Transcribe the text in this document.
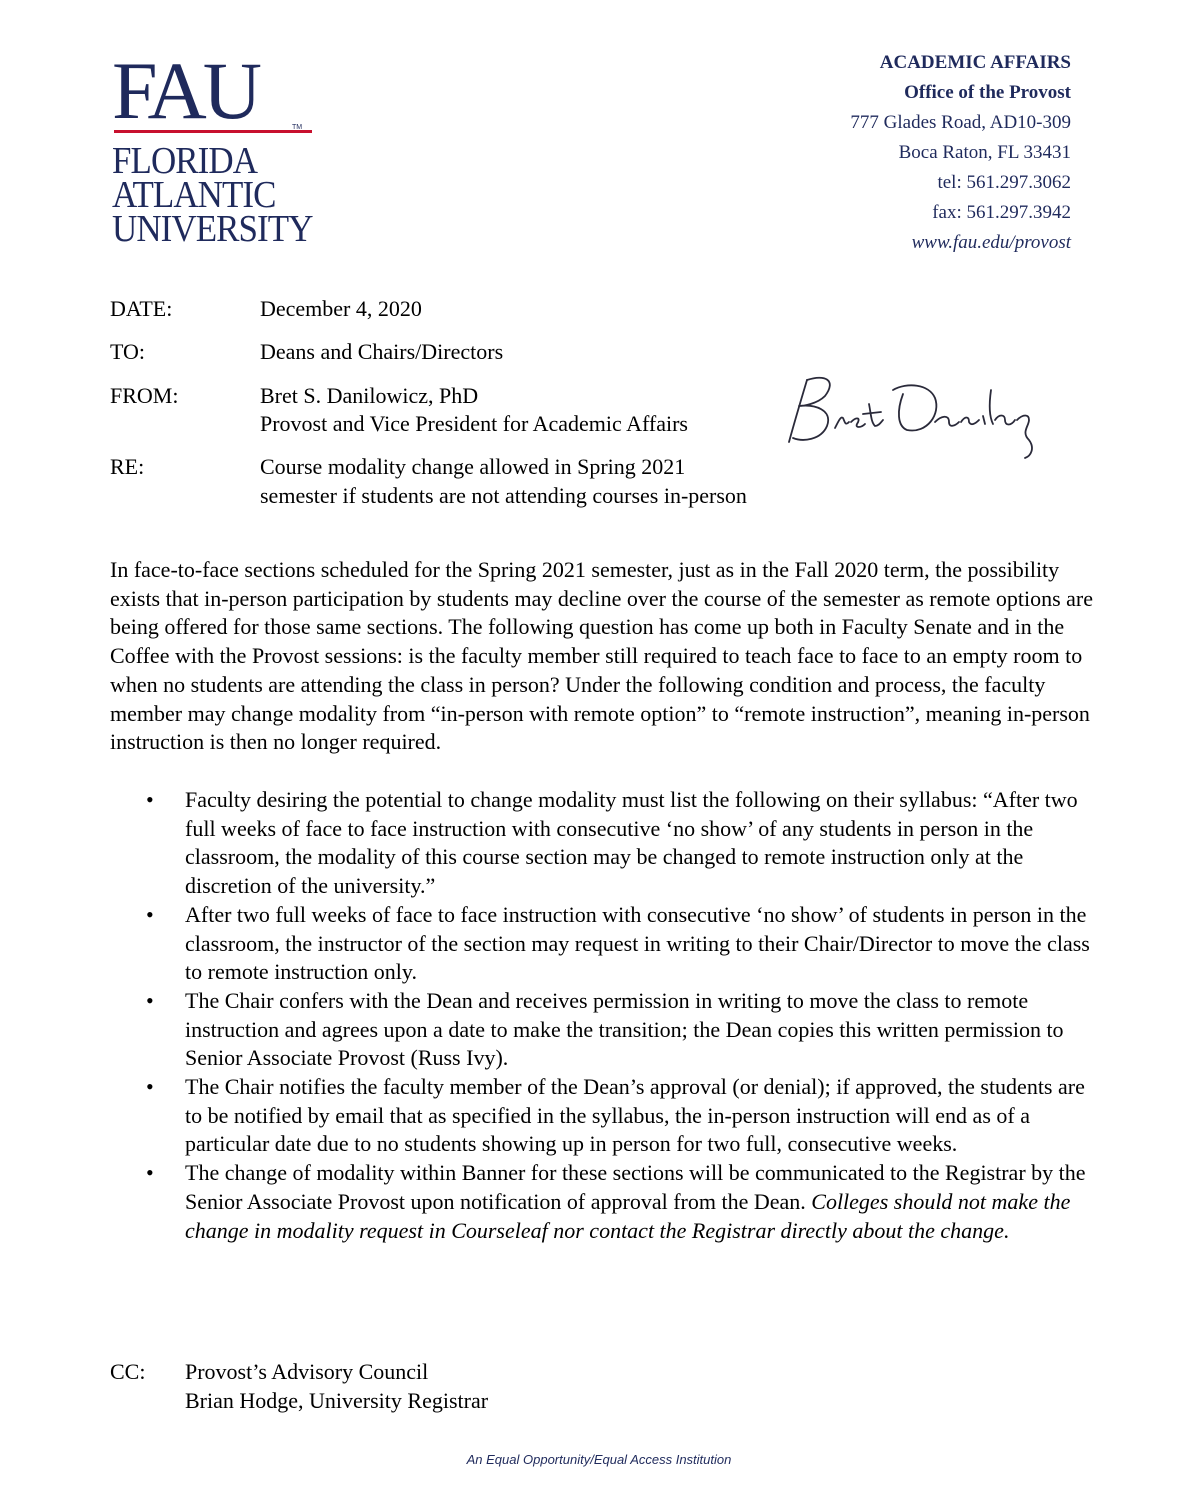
FAU	TM
FLORIDA
ATLANTIC
UNIVERSITY
ACADEMIC AFFAIRS
Office of the Provost
777 Glades Road, AD10-309
Boca Raton, FL 33431
tel: 561.297.3062
fax: 561.297.3942
www.fau.edu/provost
DATE:	December 4, 2020
TO:	Deans and Chairs/Directors
FROM:	Bret S. Danilowicz, PhD
Provost and Vice President for Academic Affairs
RE:	Course modality change allowed in Spring 2021
semester if students are not attending courses in-person
Bret Danilowicz
In face-to-face sections scheduled for the Spring 2021 semester, just as in the Fall 2020 term, the possibility exists that in-person participation by students may decline over the course of the semester as remote options are being offered for those same sections. The following question has come up both in Faculty Senate and in the Coffee with the Provost sessions: is the faculty member still required to teach face to face to an empty room to when no students are attending the class in person? Under the following condition and process, the faculty member may change modality from “in-person with remote option” to “remote instruction”, meaning in-person instruction is then no longer required.
• Faculty desiring the potential to change modality must list the following on their syllabus: “After two full weeks of face to face instruction with consecutive ‘no show’ of any students in person in the classroom, the modality of this course section may be changed to remote instruction only at the discretion of the university.”
• After two full weeks of face to face instruction with consecutive ‘no show’ of students in person in the classroom, the instructor of the section may request in writing to their Chair/Director to move the class to remote instruction only.
• The Chair confers with the Dean and receives permission in writing to move the class to remote instruction and agrees upon a date to make the transition; the Dean copies this written permission to Senior Associate Provost (Russ Ivy).
• The Chair notifies the faculty member of the Dean’s approval (or denial); if approved, the students are to be notified by email that as specified in the syllabus, the in-person instruction will end as of a particular date due to no students showing up in person for two full, consecutive weeks.
• The change of modality within Banner for these sections will be communicated to the Registrar by the Senior Associate Provost upon notification of approval from the Dean. Colleges should not make the change in modality request in Courseleaf nor contact the Registrar directly about the change.
CC: Provost’s Advisory Council
Brian Hodge, University Registrar
An Equal Opportunity/Equal Access Institution
